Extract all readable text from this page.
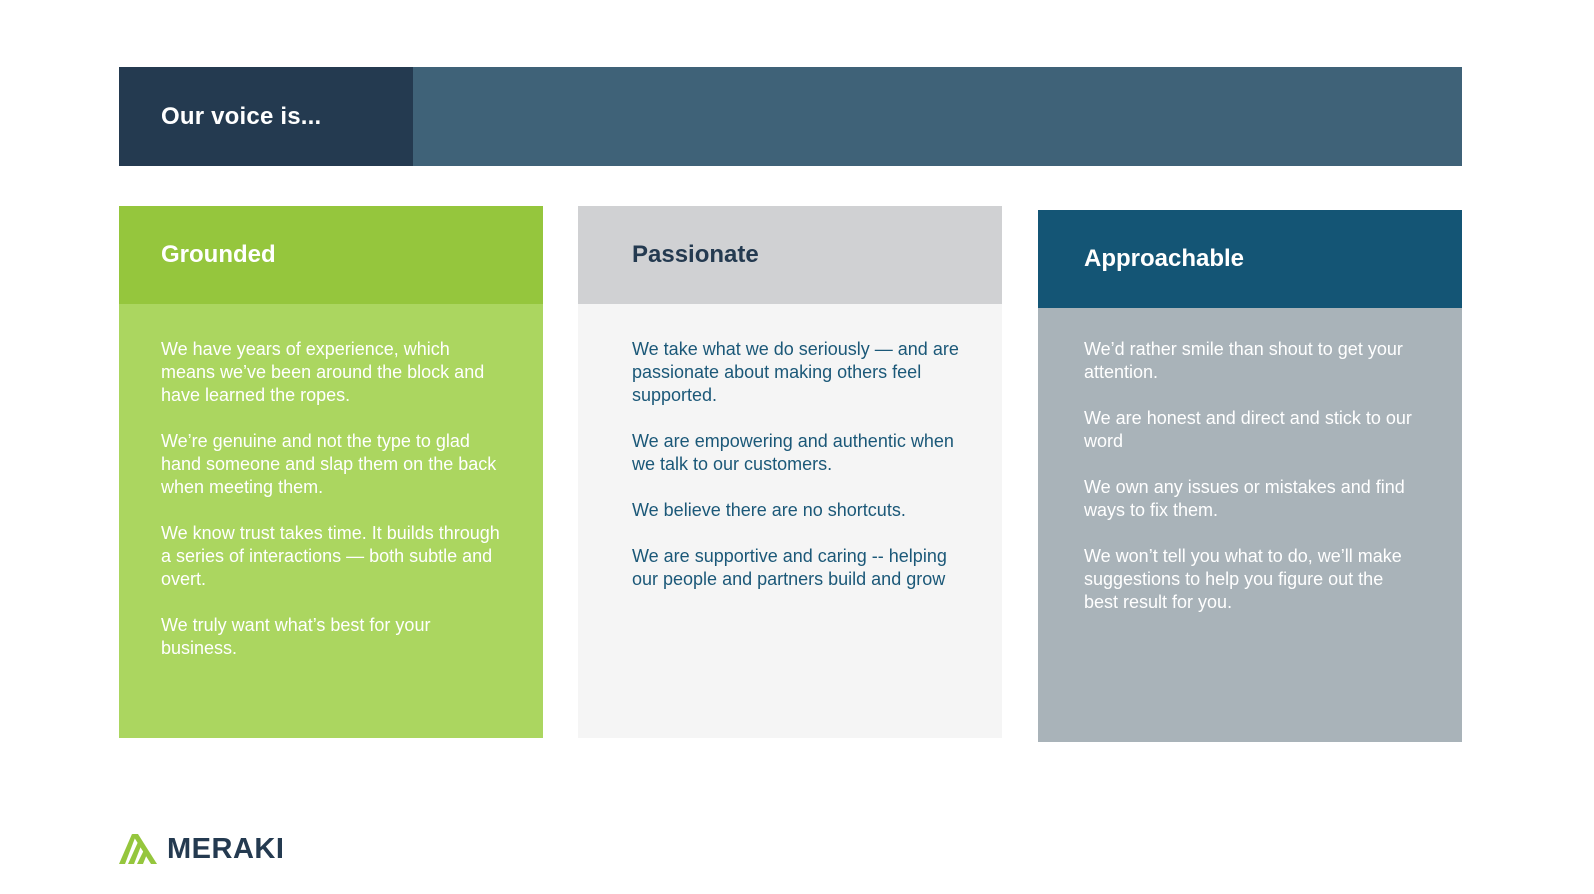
Our voice is...
Grounded

We have years of experience, which means we’ve been around the block and have learned the ropes.

We’re genuine and not the type to glad hand someone and slap them on the back when meeting them.

We know trust takes time. It builds through a series of interactions — both subtle and overt.

We truly want what’s best for your business.

Passionate

We take what we do seriously — and are passionate about making others feel supported.

We are empowering and authentic when we talk to our customers.

We believe there are no shortcuts.

We are supportive and caring -- helping our people and partners build and grow

Approachable

We’d rather smile than shout to get your attention.

We are honest and direct and stick to our word

We own any issues or mistakes and find ways to fix them.

We won’t tell you what to do, we’ll make suggestions to help you figure out the best result for you.

MERAKI
